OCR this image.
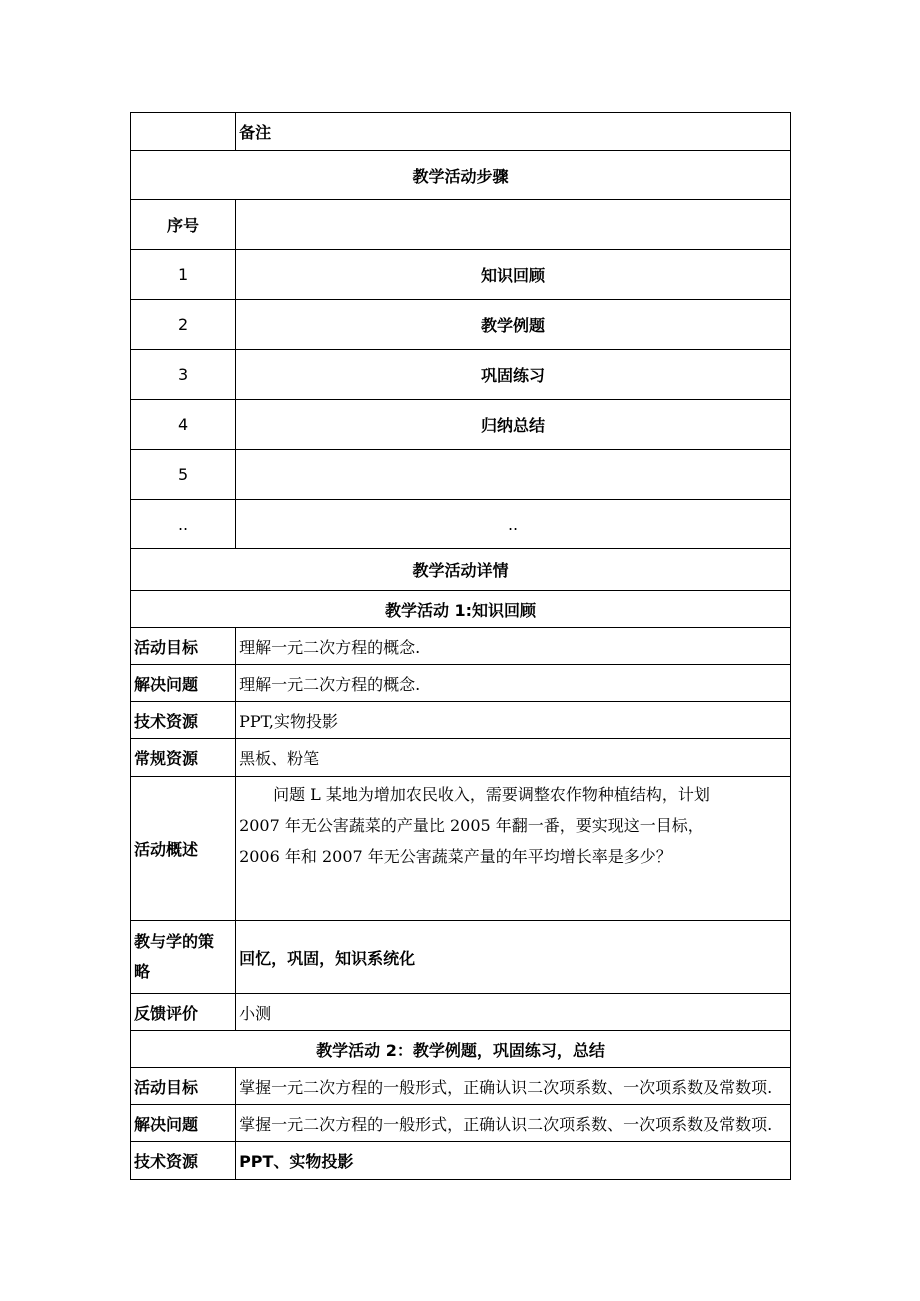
	备注
教学活动步骤	
序号	
1	知识回顾
2	教学例题
3	巩固练习
4	归纳总结
5	
..	..
教学活动详情	
教学活动 1:知识回顾	
活动目标	理解一元二次方程的概念.
解决问题	理解一元二次方程的概念.
技术资源	PPT,实物投影
常规资源	黑板、粉笔
活动概述	问题 L 某地为增加农民收入，需要调整农作物种植结构，计划
2007 年无公害蔬菜的产量比 2005 年翻一番，要实现这一目标，
2006 年和 2007 年无公害蔬菜产量的年平均增长率是多少？

教与学的策
略	回忆，巩固，知识系统化
反馈评价	小测
教学活动 2：教学例题，巩固练习，总结	
活动目标	掌握一元二次方程的一般形式，正确认识二次项系数、一次项系数及常数项.
解决问题	掌握一元二次方程的一般形式，正确认识二次项系数、一次项系数及常数项.
技术资源	PPT、实物投影
